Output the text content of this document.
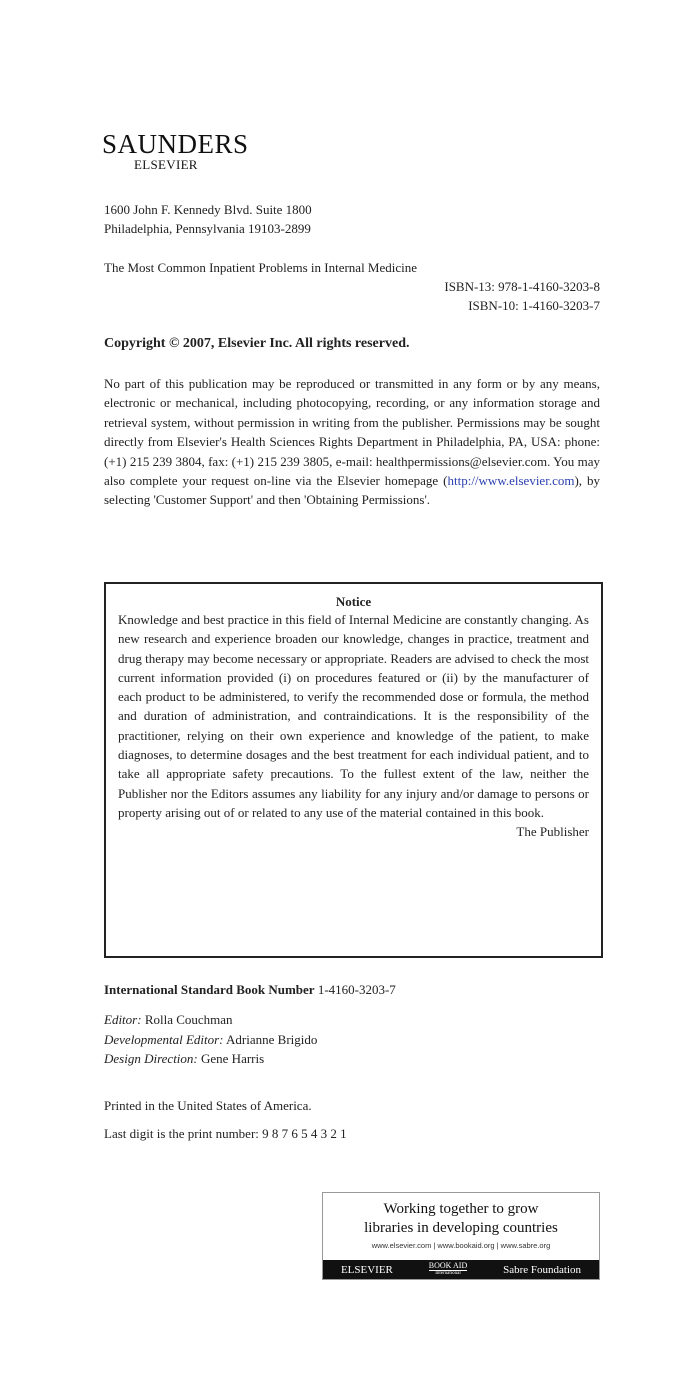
SAUNDERS
ELSEVIER
1600 John F. Kennedy Blvd. Suite 1800
Philadelphia, Pennsylvania 19103-2899
The Most Common Inpatient Problems in Internal Medicine
ISBN-13: 978-1-4160-3203-8
ISBN-10: 1-4160-3203-7
Copyright © 2007, Elsevier Inc. All rights reserved.
No part of this publication may be reproduced or transmitted in any form or by any means, electronic or mechanical, including photocopying, recording, or any information storage and retrieval system, without permission in writing from the publisher. Permissions may be sought directly from Elsevier's Health Sciences Rights Department in Philadelphia, PA, USA: phone: (+1) 215 239 3804, fax: (+1) 215 239 3805, e-mail: healthpermissions@elsevier.com. You may also complete your request on-line via the Elsevier homepage (http://www.elsevier.com), by selecting 'Customer Support' and then 'Obtaining Permissions'.
Notice
Knowledge and best practice in this field of Internal Medicine are constantly changing. As new research and experience broaden our knowledge, changes in practice, treatment and drug therapy may become necessary or appropriate. Readers are advised to check the most current information provided (i) on procedures featured or (ii) by the manufacturer of each product to be administered, to verify the recommended dose or formula, the method and duration of administration, and contraindications. It is the responsibility of the practitioner, relying on their own experience and knowledge of the patient, to make diagnoses, to determine dosages and the best treatment for each individual patient, and to take all appropriate safety precautions. To the fullest extent of the law, neither the Publisher nor the Editors assumes any liability for any injury and/or damage to persons or property arising out of or related to any use of the material contained in this book.
The Publisher
International Standard Book Number 1-4160-3203-7
Editor: Rolla Couchman
Developmental Editor: Adrianne Brigido
Design Direction: Gene Harris
Printed in the United States of America.
Last digit is the print number: 9 8 7 6 5 4 3 2 1
Working together to grow
libraries in developing countries
www.elsevier.com | www.bookaid.org | www.sabre.org
ELSEVIER	BOOK AID
International	Sabre Foundation
